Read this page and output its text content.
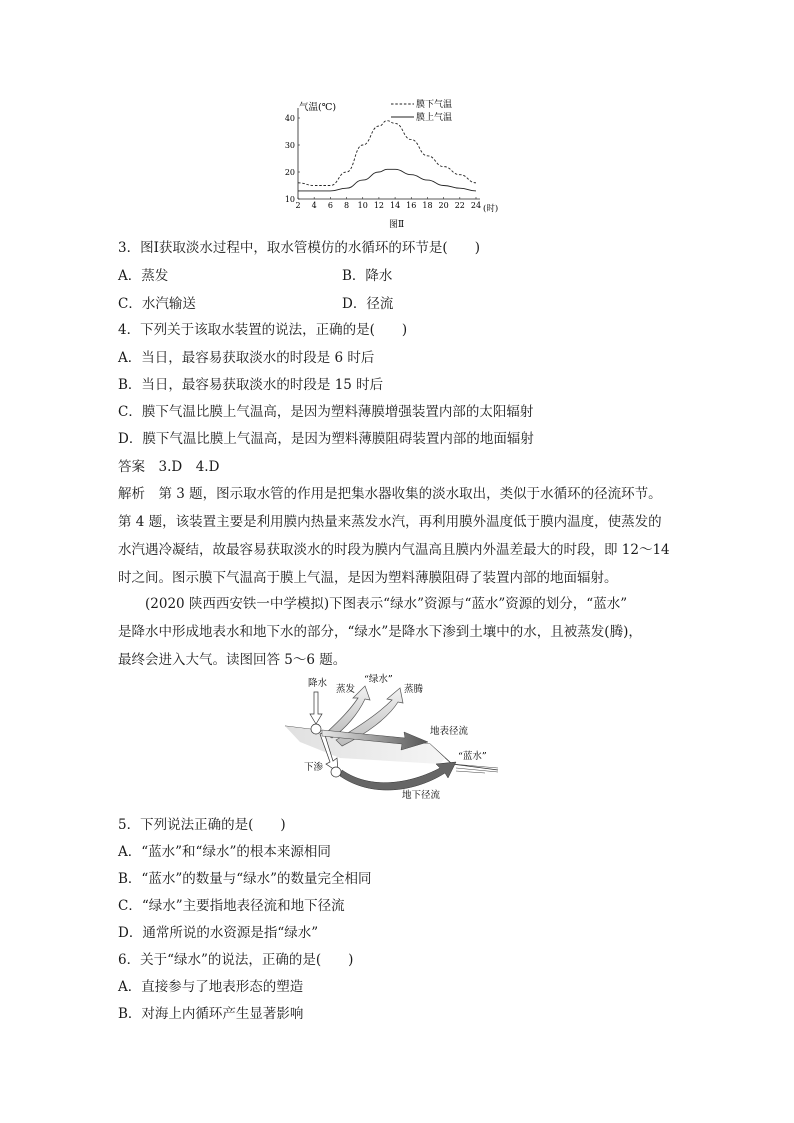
2 4 6 8 10 12 14 16 18 20 22 24
10
20
30
40
气温(℃)
(时)
图Ⅱ
膜下气温
膜上气温
3．图Ⅰ获取淡水过程中，取水管模仿的水循环的环节是(　　)
A．蒸发	B．降水
C．水汽输送	D．径流
4．下列关于该取水装置的说法，正确的是(　　)
A．当日，最容易获取淡水的时段是 6 时后
B．当日，最容易获取淡水的时段是 15 时后
C．膜下气温比膜上气温高，是因为塑料薄膜增强装置内部的太阳辐射
D．膜下气温比膜上气温高，是因为塑料薄膜阻碍装置内部的地面辐射
答案　3.D　4.D
解析　第 3 题，图示取水管的作用是把集水器收集的淡水取出，类似于水循环的径流环节。
第 4 题，该装置主要是利用膜内热量来蒸发水汽，再利用膜外温度低于膜内温度，使蒸发的
水汽遇冷凝结，故最容易获取淡水的时段为膜内气温高且膜内外温差最大的时段，即 12～14
时之间。图示膜下气温高于膜上气温，是因为塑料薄膜阻碍了装置内部的地面辐射。
　　(2020 陕西西安铁一中学模拟)下图表示“绿水”资源与“蓝水”资源的划分，“蓝水”
是降水中形成地表水和地下水的部分，“绿水”是降水下渗到土壤中的水，且被蒸发(腾)，
最终会进入大气。读图回答 5～6 题。
降水
蒸发
“绿水”
蒸腾
地表径流
“蓝水”
下渗
地下径流
5．下列说法正确的是(　　)
A．“蓝水”和“绿水”的根本来源相同
B．“蓝水”的数量与“绿水”的数量完全相同
C．“绿水”主要指地表径流和地下径流
D．通常所说的水资源是指“绿水”
6．关于“绿水”的说法，正确的是(　　)
A．直接参与了地表形态的塑造
B．对海上内循环产生显著影响
